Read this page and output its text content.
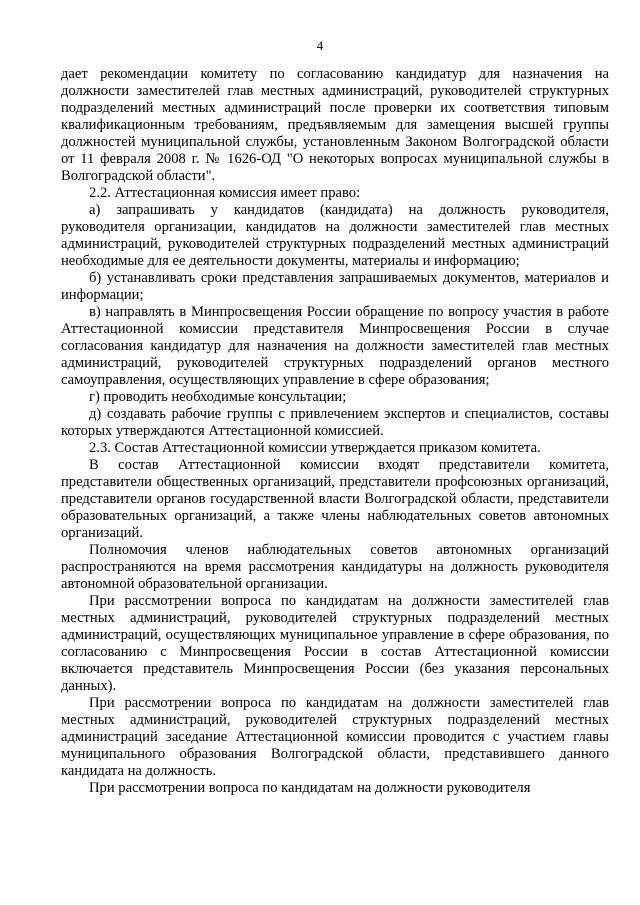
4

дает рекомендации комитету по согласованию кандидатур для назначения на должности заместителей глав местных администраций, руководителей структурных подразделений местных администраций после проверки их соответствия типовым квалификационным требованиям, предъявляемым для замещения высшей группы должностей муниципальной службы, установленным Законом Волгоградской области от 11 февраля 2008 г. № 1626-ОД "О некоторых вопросах муниципальной службы в Волгоградской области".

2.2. Аттестационная комиссия имеет право:

а) запрашивать у кандидатов (кандидата) на должность руководителя, руководителя организации, кандидатов на должности заместителей глав местных администраций, руководителей структурных подразделений местных администраций необходимые для ее деятельности документы, материалы и информацию;

б) устанавливать сроки представления запрашиваемых документов, материалов и информации;

в) направлять в Минпросвещения России обращение по вопросу участия в работе Аттестационной комиссии представителя Минпросвещения России в случае согласования кандидатур для назначения на должности заместителей глав местных администраций, руководителей структурных подразделений органов местного самоуправления, осуществляющих управление в сфере образования;

г) проводить необходимые консультации;

д) создавать рабочие группы с привлечением экспертов и специалистов, составы которых утверждаются Аттестационной комиссией.

2.3. Состав Аттестационной комиссии утверждается приказом комитета.

В состав Аттестационной комиссии входят представители комитета, представители общественных организаций, представители профсоюзных организаций, представители органов государственной власти Волгоградской области, представители образовательных организаций, а также члены наблюдательных советов автономных организаций.

Полномочия членов наблюдательных советов автономных организаций распространяются на время рассмотрения кандидатуры на должность руководителя автономной образовательной организации.

При рассмотрении вопроса по кандидатам на должности заместителей глав местных администраций, руководителей структурных подразделений местных администраций, осуществляющих муниципальное управление в сфере образования, по согласованию с Минпросвещения России в состав Аттестационной комиссии включается представитель Минпросвещения России (без указания персональных данных).

При рассмотрении вопроса по кандидатам на должности заместителей глав местных администраций, руководителей структурных подразделений местных администраций заседание Аттестационной комиссии проводится с участием главы муниципального образования Волгоградской области, представившего данного кандидата на должность.

При рассмотрении вопроса по кандидатам на должности руководителя
